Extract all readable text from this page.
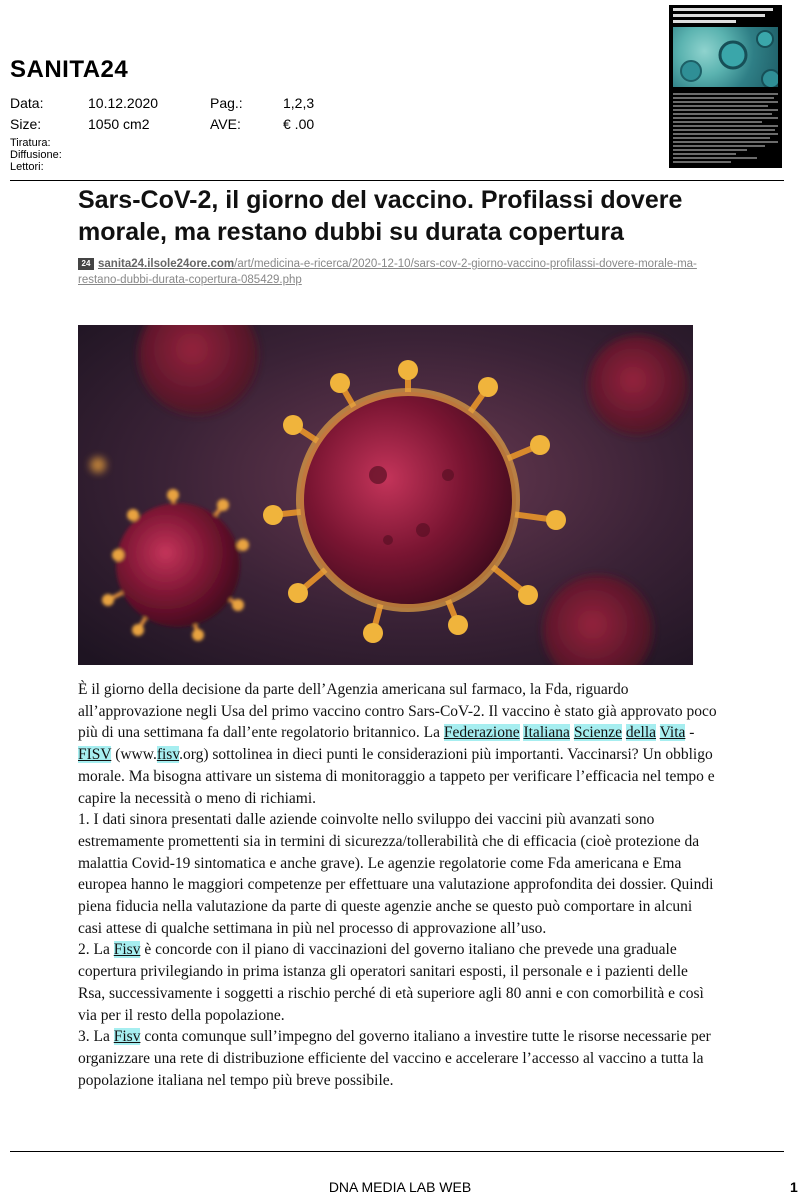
SANITA24
Data:	10.12.2020	Pag.:	1,2,3
Size:	1050 cm2	AVE:	€ .00
Tiratura:
Diffusione:
Lettori:
Sars-CoV-2, il giorno del vaccino. Profilassi dovere morale, ma restano dubbi su durata copertura
24 sanita24.ilsole24ore.com/art/medicina-e-ricerca/2020-12-10/sars-cov-2-giorno-vaccino-profilassi-dovere-morale-ma-restano-dubbi-durata-copertura-085429.php

È il giorno della decisione da parte dell’Agenzia americana sul farmaco, la Fda, riguardo all’approvazione negli Usa del primo vaccino contro Sars-CoV-2. Il vaccino è stato già approvato poco più di una settimana fa dall’ente regolatorio britannico. La Federazione Italiana Scienze della Vita - FISV (www.fisv.org) sottolinea in dieci punti le considerazioni più importanti. Vaccinarsi? Un obbligo morale. Ma bisogna attivare un sistema di monitoraggio a tappeto per verificare l’efficacia nel tempo e capire la necessità o meno di richiami.

1. I dati sinora presentati dalle aziende coinvolte nello sviluppo dei vaccini più avanzati sono estremamente promettenti sia in termini di sicurezza/tollerabilità che di efficacia (cioè protezione da malattia Covid-19 sintomatica e anche grave). Le agenzie regolatorie come Fda americana e Ema europea hanno le maggiori competenze per effettuare una valutazione approfondita dei dossier. Quindi piena fiducia nella valutazione da parte di queste agenzie anche se questo può comportare in alcuni casi attese di qualche settimana in più nel processo di approvazione all’uso.

2. La Fisv è concorde con il piano di vaccinazioni del governo italiano che prevede una graduale copertura privilegiando in prima istanza gli operatori sanitari esposti, il personale e i pazienti delle Rsa, successivamente i soggetti a rischio perché di età superiore agli 80 anni e con comorbilità e così via per il resto della popolazione.

3. La Fisv conta comunque sull’impegno del governo italiano a investire tutte le risorse necessarie per organizzare una rete di distribuzione efficiente del vaccino e accelerare l’accesso al vaccino a tutta la popolazione italiana nel tempo più breve possibile.

DNA MEDIA LAB WEB	1
